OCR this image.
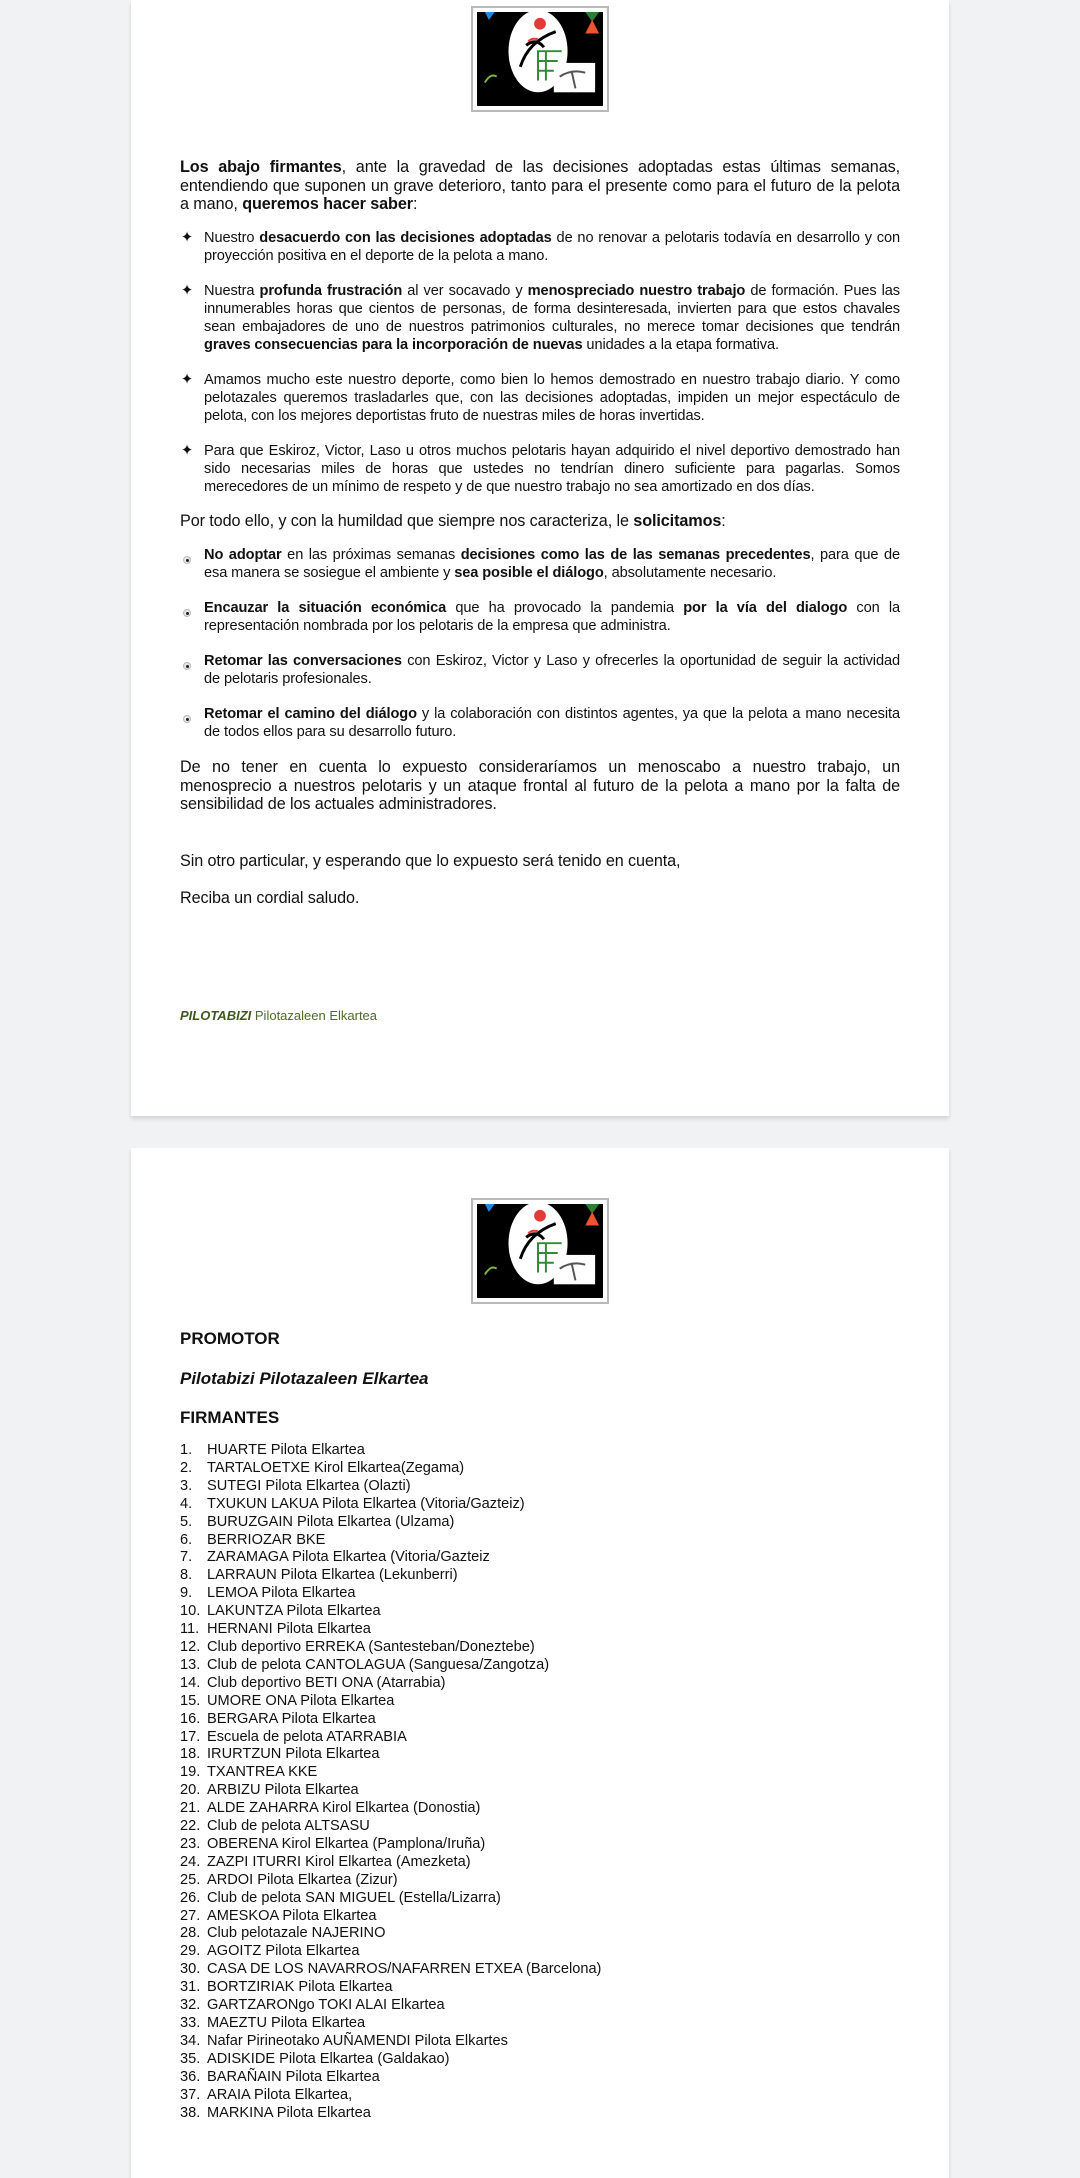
Los abajo firmantes, ante la gravedad de las decisiones adoptadas estas últimas semanas, entendiendo que suponen un grave deterioro, tanto para el presente como para el futuro de la pelota a mano, queremos hacer saber:

✦ Nuestro desacuerdo con las decisiones adoptadas de no renovar a pelotaris todavía en desarrollo y con proyección positiva en el deporte de la pelota a mano.
✦ Nuestra profunda frustración al ver socavado y menospreciado nuestro trabajo de formación. Pues las innumerables horas que cientos de personas, de forma desinteresada, invierten para que estos chavales sean embajadores de uno de nuestros patrimonios culturales, no merece tomar decisiones que tendrán graves consecuencias para la incorporación de nuevas unidades a la etapa formativa.
✦ Amamos mucho este nuestro deporte, como bien lo hemos demostrado en nuestro trabajo diario. Y como pelotazales queremos trasladarles que, con las decisiones adoptadas, impiden un mejor espectáculo de pelota, con los mejores deportistas fruto de nuestras miles de horas invertidas.
✦ Para que Eskiroz, Victor, Laso u otros muchos pelotaris hayan adquirido el nivel deportivo demostrado han sido necesarias miles de horas que ustedes no tendrían dinero suficiente para pagarlas. Somos merecedores de un mínimo de respeto y de que nuestro trabajo no sea amortizado en dos días.

Por todo ello, y con la humildad que siempre nos caracteriza, le solicitamos:

No adoptar en las próximas semanas decisiones como las de las semanas precedentes, para que de esa manera se sosiegue el ambiente y sea posible el diálogo, absolutamente necesario.
Encauzar la situación económica que ha provocado la pandemia por la vía del dialogo con la representación nombrada por los pelotaris de la empresa que administra.
Retomar las conversaciones con Eskiroz, Victor y Laso y ofrecerles la oportunidad de seguir la actividad de pelotaris profesionales.
Retomar el camino del diálogo y la colaboración con distintos agentes, ya que la pelota a mano necesita de todos ellos para su desarrollo futuro.

De no tener en cuenta lo expuesto consideraríamos un menoscabo a nuestro trabajo, un menosprecio a nuestros pelotaris y un ataque frontal al futuro de la pelota a mano por la falta de sensibilidad de los actuales administradores.

Sin otro particular, y esperando que lo expuesto será tenido en cuenta,

Reciba un cordial saludo.

PILOTABIZI Pilotazaleen Elkartea

PROMOTOR

Pilotabizi Pilotazaleen Elkartea

FIRMANTES

1.	HUARTE Pilota Elkartea
2.	TARTALOETXE Kirol Elkartea(Zegama)
3.	SUTEGI Pilota Elkartea (Olazti)
4.	TXUKUN LAKUA Pilota Elkartea (Vitoria/Gazteiz)
5.	BURUZGAIN Pilota Elkartea (Ulzama)
6.	BERRIOZAR BKE
7.	ZARAMAGA Pilota Elkartea (Vitoria/Gazteiz
8.	LARRAUN Pilota Elkartea (Lekunberri)
9.	LEMOA Pilota Elkartea
10. LAKUNTZA Pilota Elkartea
11. HERNANI Pilota Elkartea
12. Club deportivo ERREKA (Santesteban/Doneztebe)
13. Club de pelota CANTOLAGUA (Sanguesa/Zangotza)
14. Club deportivo BETI ONA (Atarrabia)
15. UMORE ONA Pilota Elkartea
16. BERGARA Pilota Elkartea
17. Escuela de pelota ATARRABIA
18. IRURTZUN Pilota Elkartea
19. TXANTREA KKE
20. ARBIZU Pilota Elkartea
21. ALDE ZAHARRA Kirol Elkartea (Donostia)
22. Club de pelota ALTSASU
23. OBERENA Kirol Elkartea (Pamplona/Iruña)
24. ZAZPI ITURRI Kirol Elkartea (Amezketa)
25. ARDOI Pilota Elkartea (Zizur)
26. Club de pelota SAN MIGUEL (Estella/Lizarra)
27. AMESKOA Pilota Elkartea
28. Club pelotazale NAJERINO
29. AGOITZ Pilota Elkartea
30. CASA DE LOS NAVARROS/NAFARREN ETXEA (Barcelona)
31. BORTZIRIAK Pilota Elkartea
32. GARTZARONgo TOKI ALAI Elkartea
33. MAEZTU Pilota Elkartea
34. Nafar Pirineotako AUÑAMENDI Pilota Elkartes
35. ADISKIDE Pilota Elkartea (Galdakao)
36. BARAÑAIN Pilota Elkartea
37. ARAIA Pilota Elkartea,
38. MARKINA Pilota Elkartea
